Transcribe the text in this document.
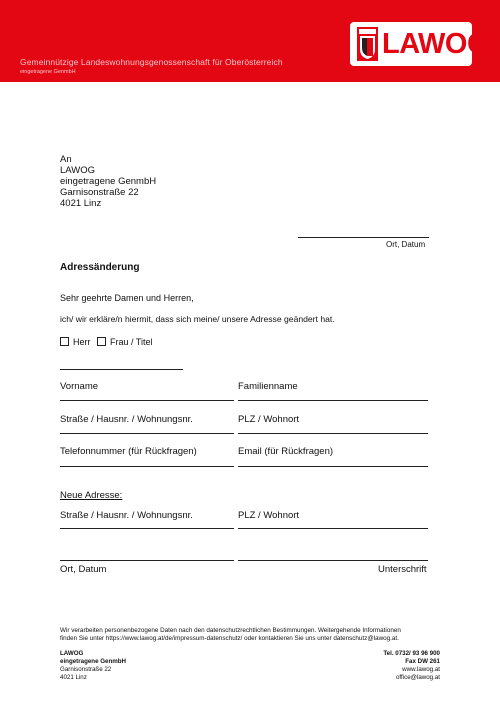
LAWOG
Gemeinnützige Landeswohnungsgenossenschaft für Oberösterreich
eingetragene GenmbH
An
LAWOG
eingetragene GenmbH
Garnisonstraße 22
4021 Linz
Ort, Datum
Adressänderung
Sehr geehrte Damen und Herren,
ich/ wir erkläre/n hiermit, dass sich meine/ unsere Adresse geändert hat.
Herr Frau / Titel
Vorname	Familienname
Straße / Hausnr. / Wohnungsnr.	PLZ / Wohnort
Telefonnummer (für Rückfragen)	Email (für Rückfragen)
Neue Adresse:
Straße / Hausnr. / Wohnungsnr.	PLZ / Wohnort
Ort, Datum	Unterschrift
Wir verarbeiten personenbezogene Daten nach den datenschutzrechtlichen Bestimmungen. Weitergehende Informationen
finden Sie unter https://www.lawog.at/de/impressum-datenschutz/ oder kontaktieren Sie uns unter datenschutz@lawog.at.
LAWOG
eingetragene GenmbH
Garnisonstraße 22
4021 Linz
Tel. 0732/ 93 96 900
Fax DW 261
www.lawog.at
office@lawog.at
